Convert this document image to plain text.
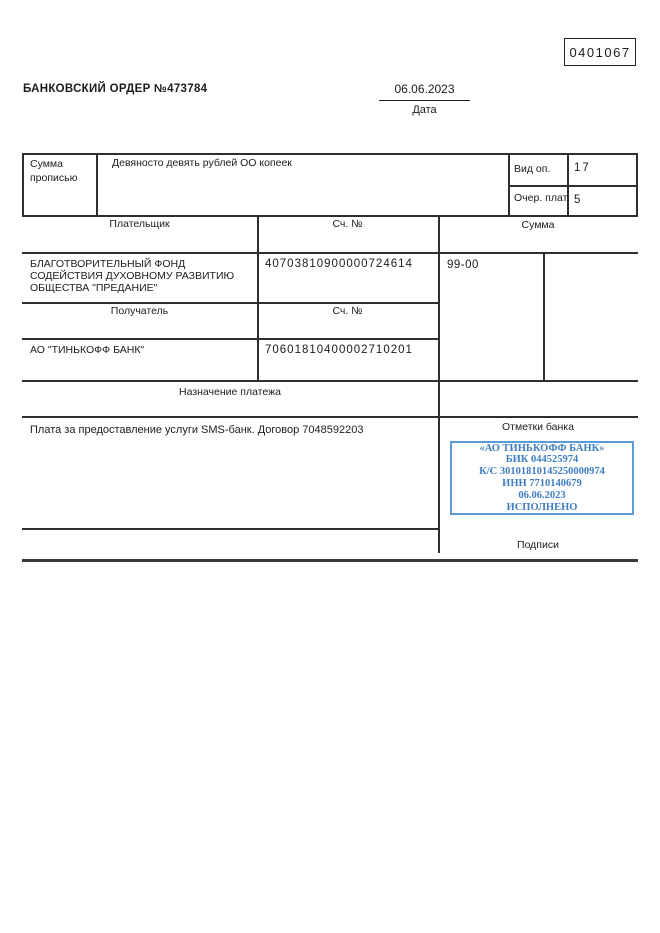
0401067
БАНКОВСКИЙ ОРДЕР №473784	06.06.2023
Дата
Сумма прописью
Девяносто девять рублей ОО копеек	Вид оп. 17
Очер. плат. 5
Плательщик	Сч. №	Сумма
БЛАГОТВОРИТЕЛЬНЫЙ ФОНД СОДЕЙСТВИЯ ДУХОВНОМУ РАЗВИТИЮ ОБЩЕСТВА "ПРЕДАНИЕ"
40703810900000724614	99-00
Получатель	Сч. №
АО "ТИНЬКОФФ БАНК"	70601810400002710201
Назначение платежа
Плата за предоставление услуги SMS-банк. Договор 7048592203	Отметки банка
«АО ТИНЬКОФФ БАНК»
БИК 044525974
К/С 30101810145250000974
ИНН 7710140679
06.06.2023
ИСПОЛНЕНО
Подписи
